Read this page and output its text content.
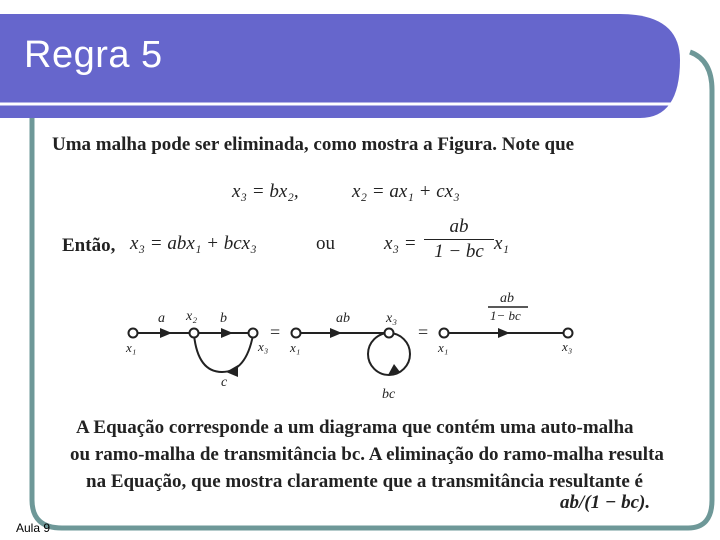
Regra 5
Uma malha pode ser eliminada, como mostra a Figura. Note que
x₃ = bx₂,	x₂ = ax₁ + cx₃
Então, x₃ = abx₁ + bcx₃	ou	x₃ =
ab
1 − bc x₁
a x₂ b
x₁	x₃
c
=
ab	x₃
x₁
bc
=
ab
1− bc
x₁	x₃
A Equação corresponde a um diagrama que contém uma auto-malha
ou ramo-malha de transmitância bc. A eliminação do ramo-malha resulta
na Equação, que mostra claramente que a transmitância resultante é
ab/(1 − bc).
Aula 9
